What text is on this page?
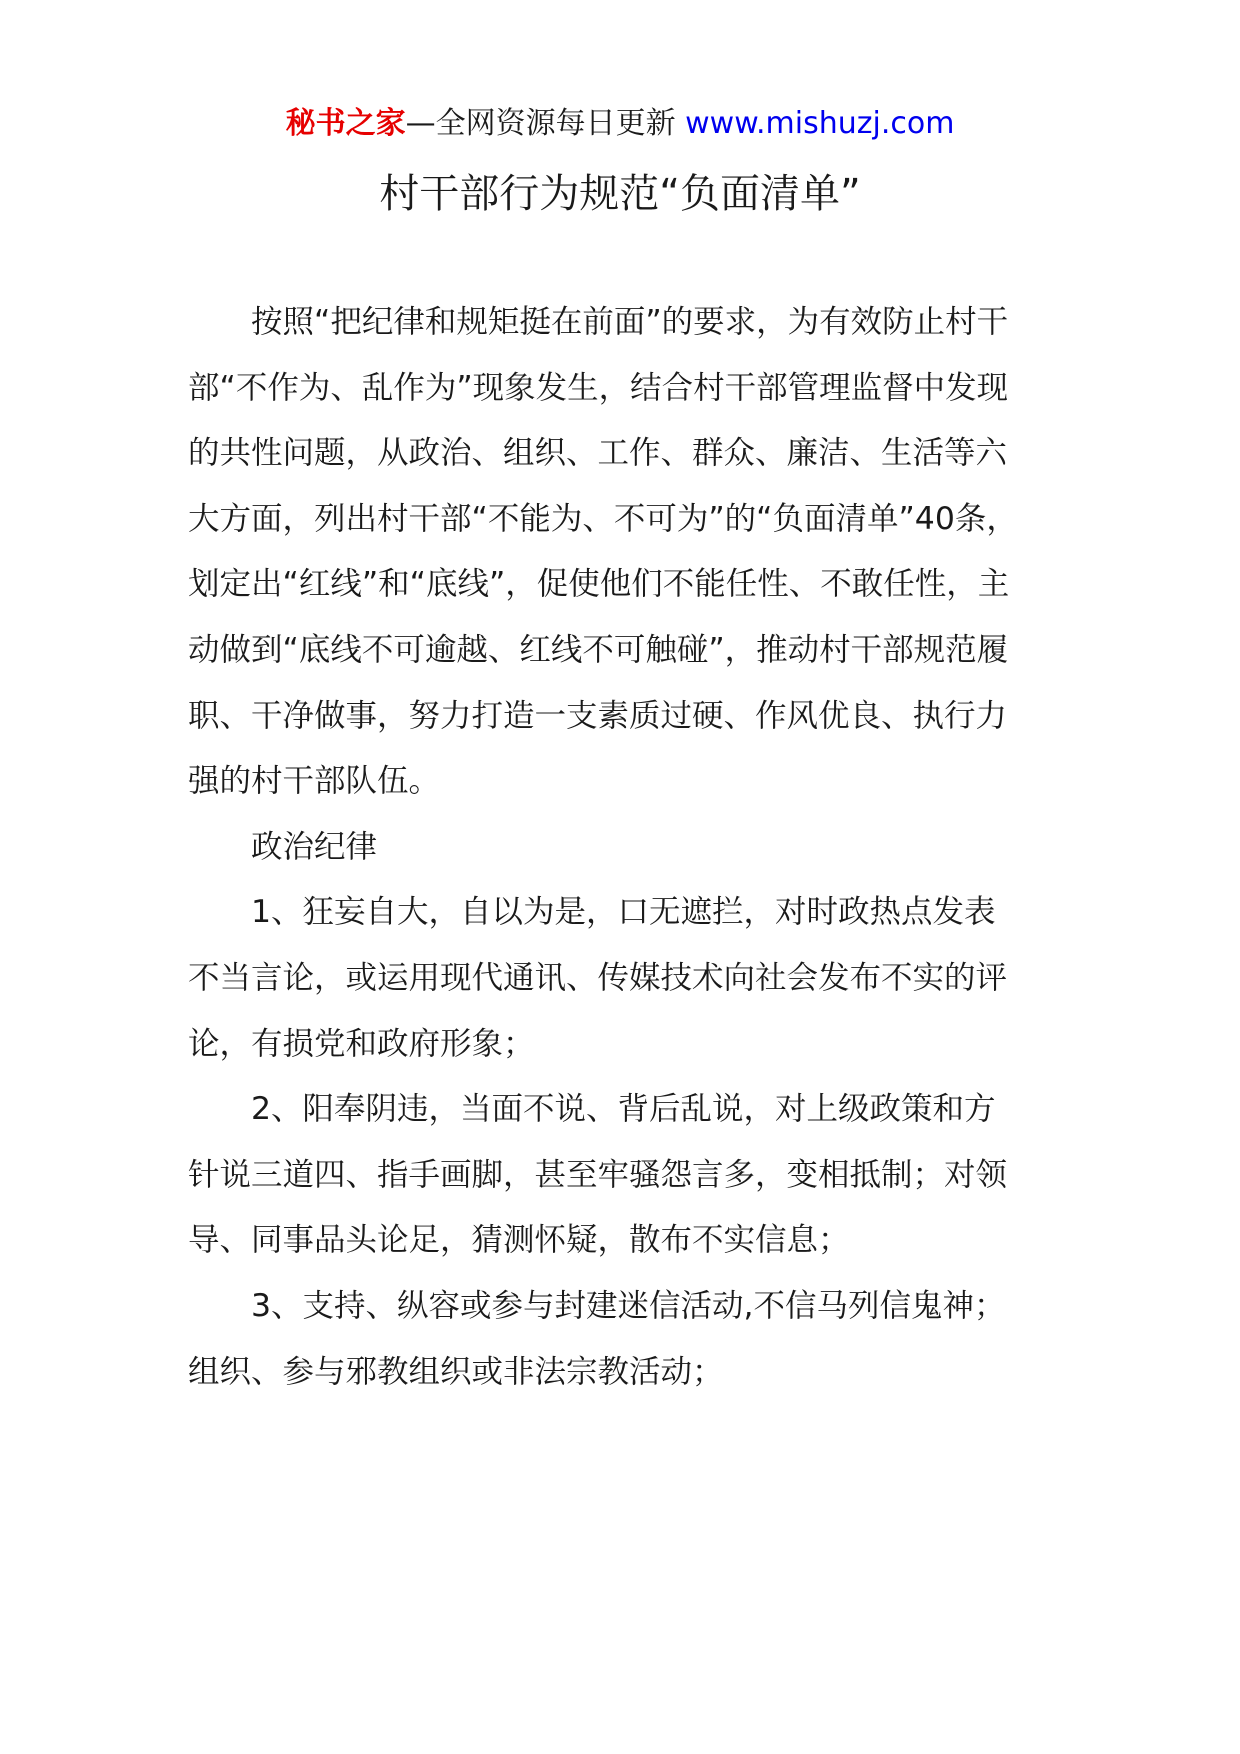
秘书之家—全网资源每日更新 www.mishuzj.com
村干部行为规范“负面清单”

按照“把纪律和规矩挺在前面”的要求，为有效防止村干部“不作为、乱作为”现象发生，结合村干部管理监督中发现的共性问题，从政治、组织、工作、群众、廉洁、生活等六大方面，列出村干部“不能为、不可为”的“负面清单”40条，划定出“红线”和“底线”，促使他们不能任性、不敢任性，主动做到“底线不可逾越、红线不可触碰”，推动村干部规范履职、干净做事，努力打造一支素质过硬、作风优良、执行力强的村干部队伍。

政治纪律

1、狂妄自大，自以为是，口无遮拦，对时政热点发表不当言论，或运用现代通讯、传媒技术向社会发布不实的评论，有损党和政府形象；

2、阳奉阴违，当面不说、背后乱说，对上级政策和方针说三道四、指手画脚，甚至牢骚怨言多，变相抵制；对领导、同事品头论足，猜测怀疑，散布不实信息；

3、支持、纵容或参与封建迷信活动,不信马列信鬼神；组织、参与邪教组织或非法宗教活动；
